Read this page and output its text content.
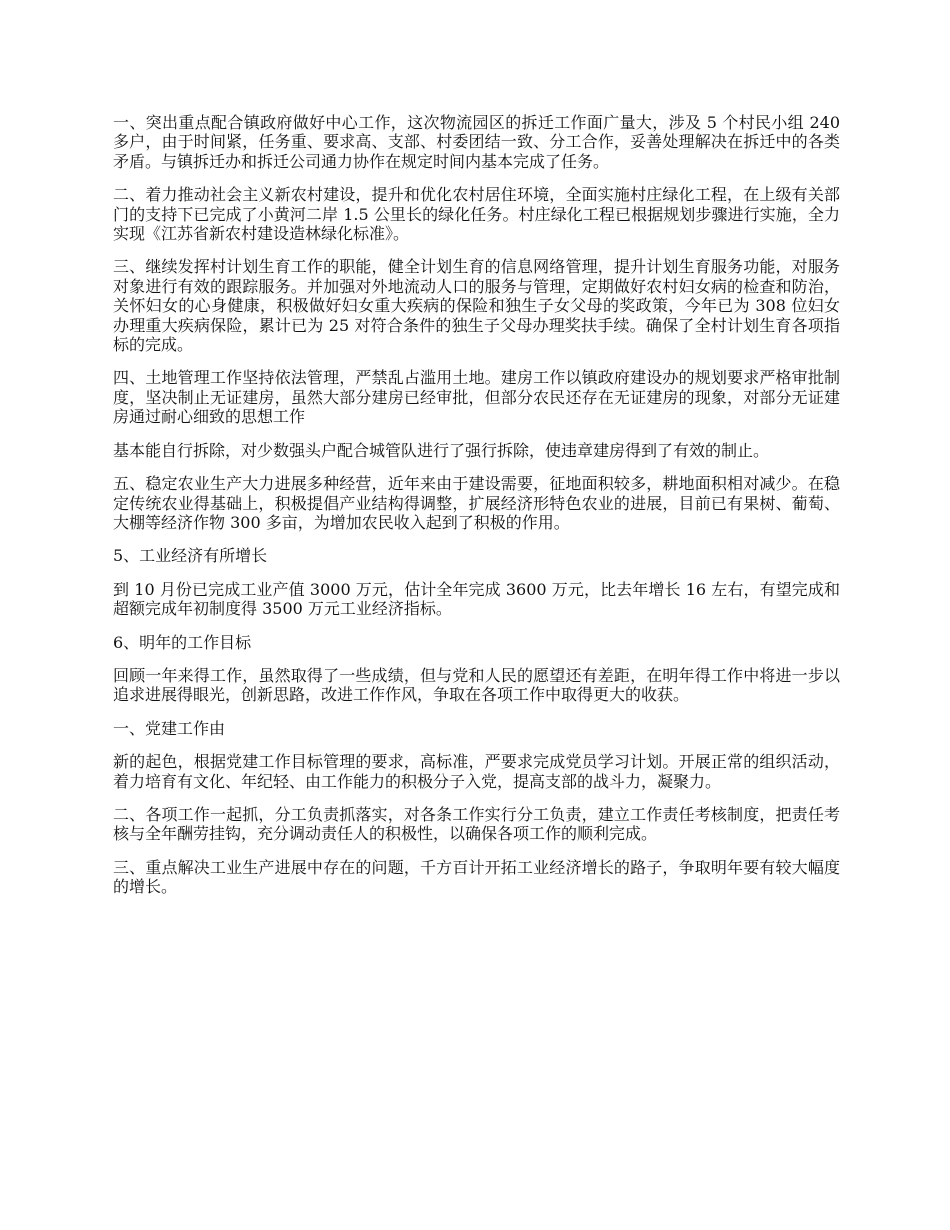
一、突出重点配合镇政府做好中心工作，这次物流园区的拆迁工作面广量大，涉及 5 个村民小组 240 多户，由于时间紧，任务重、要求高、支部、村委团结一致、分工合作，妥善处理解决在拆迁中的各类矛盾。与镇拆迁办和拆迁公司通力协作在规定时间内基本完成了任务。

二、着力推动社会主义新农村建设，提升和优化农村居住环境，全面实施村庄绿化工程，在上级有关部门的支持下已完成了小黄河二岸 1.5 公里长的绿化任务。村庄绿化工程已根据规划步骤进行实施，全力实现《江苏省新农村建设造林绿化标准》。

三、继续发挥村计划生育工作的职能，健全计划生育的信息网络管理，提升计划生育服务功能，对服务对象进行有效的跟踪服务。并加强对外地流动人口的服务与管理，定期做好农村妇女病的检查和防治，关怀妇女的心身健康，积极做好妇女重大疾病的保险和独生子女父母的奖政策，今年已为 308 位妇女办理重大疾病保险，累计已为 25 对符合条件的独生子父母办理奖扶手续。确保了全村计划生育各项指标的完成。

四、土地管理工作坚持依法管理，严禁乱占滥用土地。建房工作以镇政府建设办的规划要求严格审批制度，坚决制止无证建房，虽然大部分建房已经审批，但部分农民还存在无证建房的现象，对部分无证建房通过耐心细致的思想工作

基本能自行拆除，对少数强头户配合城管队进行了强行拆除，使违章建房得到了有效的制止。

五、稳定农业生产大力进展多种经营，近年来由于建设需要，征地面积较多，耕地面积相对减少。在稳定传统农业得基础上，积极提倡产业结构得调整，扩展经济形特色农业的进展，目前已有果树、葡萄、大棚等经济作物 300 多亩，为增加农民收入起到了积极的作用。

5、工业经济有所增长

到 10 月份已完成工业产值 3000 万元，估计全年完成 3600 万元，比去年增长 16 左右，有望完成和超额完成年初制度得 3500 万元工业经济指标。

6、明年的工作目标

回顾一年来得工作，虽然取得了一些成绩，但与党和人民的愿望还有差距，在明年得工作中将进一步以追求进展得眼光，创新思路，改进工作作风，争取在各项工作中取得更大的收获。

一、党建工作由

新的起色，根据党建工作目标管理的要求，高标准，严要求完成党员学习计划。开展正常的组织活动，着力培育有文化、年纪轻、由工作能力的积极分子入党，提高支部的战斗力，凝聚力。

二、各项工作一起抓，分工负责抓落实，对各条工作实行分工负责，建立工作责任考核制度，把责任考核与全年酬劳挂钩，充分调动责任人的积极性，以确保各项工作的顺利完成。

三、重点解决工业生产进展中存在的问题，千方百计开拓工业经济增长的路子，争取明年要有较大幅度的增长。
